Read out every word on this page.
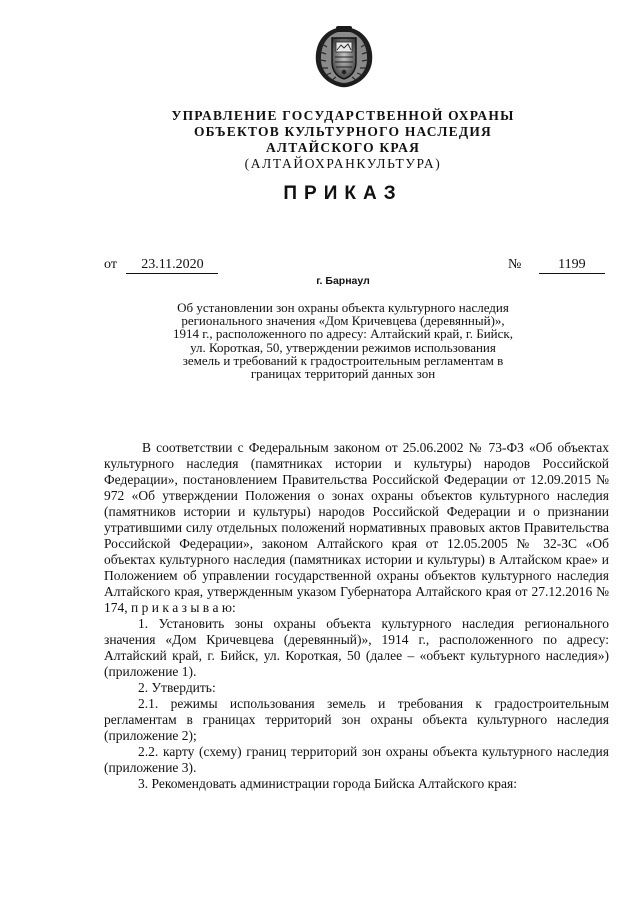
УПРАВЛЕНИЕ ГОСУДАРСТВЕННОЙ ОХРАНЫ
ОБЪЕКТОВ КУЛЬТУРНОГО НАСЛЕДИЯ
АЛТАЙСКОГО КРАЯ
(АЛТАЙОХРАНКУЛЬТУРА)
ПРИКАЗ
от 23.11.2020	№	1199
г. Барнаул
Об установлении зон охраны объекта культурного наследия
регионального значения «Дом Кричевцева (деревянный)»,
1914 г., расположенного по адресу: Алтайский край, г. Бийск,
ул. Короткая, 50, утверждении режимов использования
земель и требований к градостроительным регламентам в
границах территорий данных зон

В соответствии с Федеральным законом от 25.06.2002 № 73-ФЗ «Об объектах культурного наследия (памятниках истории и культуры) народов Российской Федерации», постановлением Правительства Российской Федерации от 12.09.2015 № 972 «Об утверждении Положения о зонах охраны объектов культурного наследия (памятников истории и культуры) народов Российской Федерации и о признании утратившими силу отдельных положений нормативных правовых актов Правительства Российской Федерации», законом Алтайского края от 12.05.2005 № 32-ЗС «Об объектах культурного наследия (памятниках истории и культуры) в Алтайском крае» и Положением об управлении государственной охраны объектов культурного наследия Алтайского края, утвержденным указом Губернатора Алтайского края от 27.12.2016 № 174, п р и к а з ы в а ю:

1. Установить зоны охраны объекта культурного наследия регионального значения «Дом Кричевцева (деревянный)», 1914 г., расположенного по адресу: Алтайский край, г. Бийск, ул. Короткая, 50 (далее – «объект культурного наследия») (приложение 1).

2. Утвердить:

2.1. режимы использования земель и требования к градостроительным регламентам в границах территорий зон охраны объекта культурного наследия (приложение 2);

2.2. карту (схему) границ территорий зон охраны объекта культурного наследия (приложение 3).

3. Рекомендовать администрации города Бийска Алтайского края:
